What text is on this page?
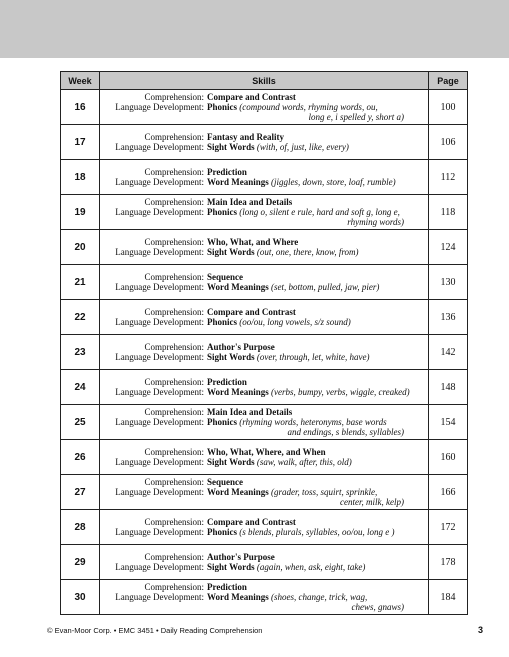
Week	Skills	Page
16	Comprehension: Compare and Contrast
Language Development: Phonics (compound words, rhyming words, ou,
long e, i spelled y, short a)	100
17	Comprehension: Fantasy and Reality
Language Development: Sight Words (with, of, just, like, every)	106
18	Comprehension: Prediction
Language Development: Word Meanings (jiggles, down, store, loaf, rumble)	112
19	Comprehension: Main Idea and Details
Language Development: Phonics (long o, silent e rule, hard and soft g, long e,
rhyming words)	118
20	Comprehension: Who, What, and Where
Language Development: Sight Words (out, one, there, know, from)	124
21	Comprehension: Sequence
Language Development: Word Meanings (set, bottom, pulled, jaw, pier)	130
22	Comprehension: Compare and Contrast
Language Development: Phonics (oo/ou, long vowels, s/z sound)	136
23	Comprehension: Author's Purpose
Language Development: Sight Words (over, through, let, white, have)	142
24	Comprehension: Prediction
Language Development: Word Meanings (verbs, bumpy, verbs, wiggle, creaked)	148
25	Comprehension: Main Idea and Details
Language Development: Phonics (rhyming words, heteronyms, base words
and endings, s blends, syllables)	154
26	Comprehension: Who, What, Where, and When
Language Development: Sight Words (saw, walk, after, this, old)	160
27	Comprehension: Sequence
Language Development: Word Meanings (grader, toss, squirt, sprinkle,
center, milk, kelp)	166
28	Comprehension: Compare and Contrast
Language Development: Phonics (s blends, plurals, syllables, oo/ou, long e )	172
29	Comprehension: Author's Purpose
Language Development: Sight Words (again, when, ask, eight, take)	178
30	Comprehension: Prediction
Language Development: Word Meanings (shoes, change, trick, wag,
chews, gnaws)	184
© Evan-Moor Corp. • EMC 3451 • Daily Reading Comprehension	3
